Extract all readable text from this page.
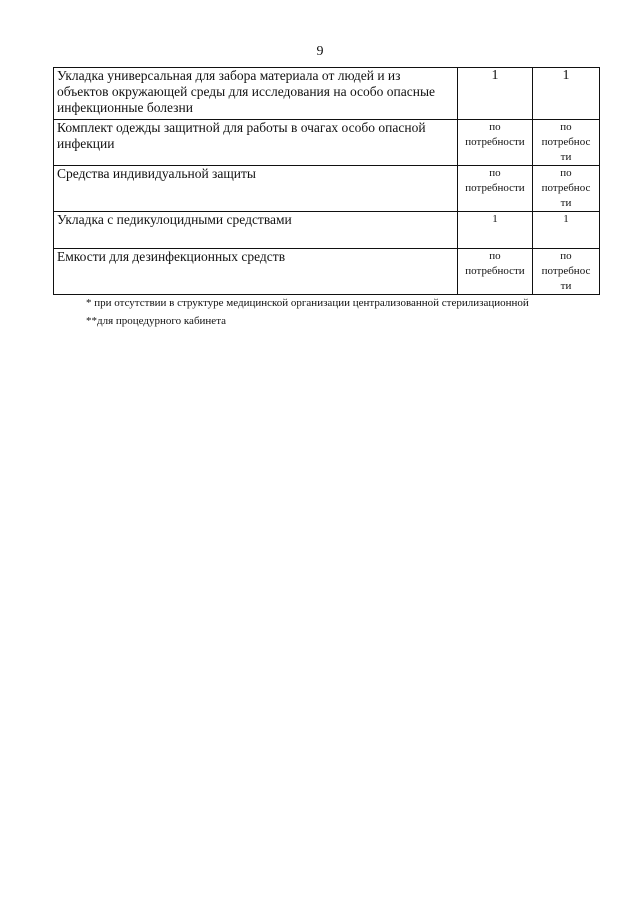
9
Укладка универсальная для забора материала от людей и из объектов окружающей среды для исследования на особо опасные инфекционные болезни	1	1
Комплект одежды защитной для работы в очагах особо опасной инфекции	по потребности	по потребнос ти
Средства индивидуальной защиты	по потребности	по потребнос ти
Укладка с педикулоцидными средствами	1	1
Емкости для дезинфекционных средств	по потребности	по потребнос ти

* при отсутствии в структуре медицинской организации централизованной стерилизационной

**для процедурного кабинета
